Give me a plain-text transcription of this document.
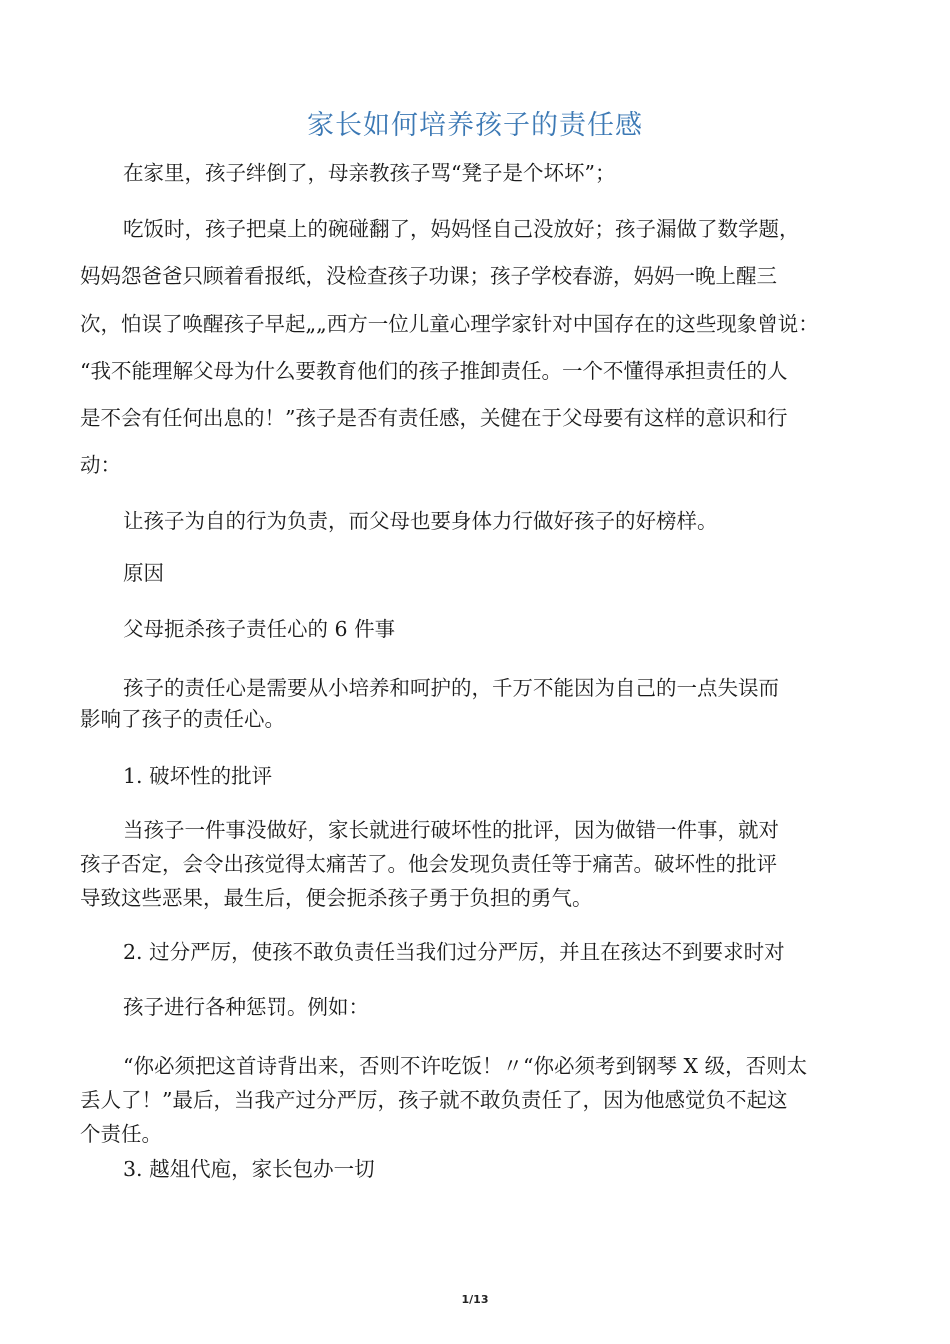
家长如何培养孩子的责任感
在家里，孩子绊倒了，母亲教孩子骂“凳子是个坏坏”；
吃饭时，孩子把桌上的碗碰翻了，妈妈怪自己没放好；孩子漏做了数学题，
妈妈怨爸爸只顾着看报纸，没检查孩子功课；孩子学校春游，妈妈一晚上醒三
次，怕误了唤醒孩子早起„„西方一位儿童心理学家针对中国存在的这些现象曾说：
“我不能理解父母为什么要教育他们的孩子推卸责任。一个不懂得承担责任的人
是不会有任何出息的！”孩子是否有责任感，关健在于父母要有这样的意识和行
动：
让孩子为自的行为负责，而父母也要身体力行做好孩子的好榜样。
原因
父母扼杀孩子责任心的 6 件事
孩子的责任心是需要从小培养和呵护的，千万不能因为自己的一点失误而
影响了孩子的责任心。
1. 破坏性的批评
当孩子一件事没做好，家长就进行破坏性的批评，因为做错一件事，就对
孩子否定，会令出孩觉得太痛苦了。他会发现负责任等于痛苦。破坏性的批评
导致这些恶果，最生后，便会扼杀孩子勇于负担的勇气。
2. 过分严厉，使孩不敢负责任当我们过分严厉，并且在孩达不到要求时对
孩子进行各种惩罚。例如：
“你必须把这首诗背出来，否则不许吃饭！〃“你必须考到钢琴 X 级，否则太
丢人了！”最后，当我产过分严厉，孩子就不敢负责任了，因为他感觉负不起这
个责任。
3. 越俎代庖，家长包办一切
1/13
